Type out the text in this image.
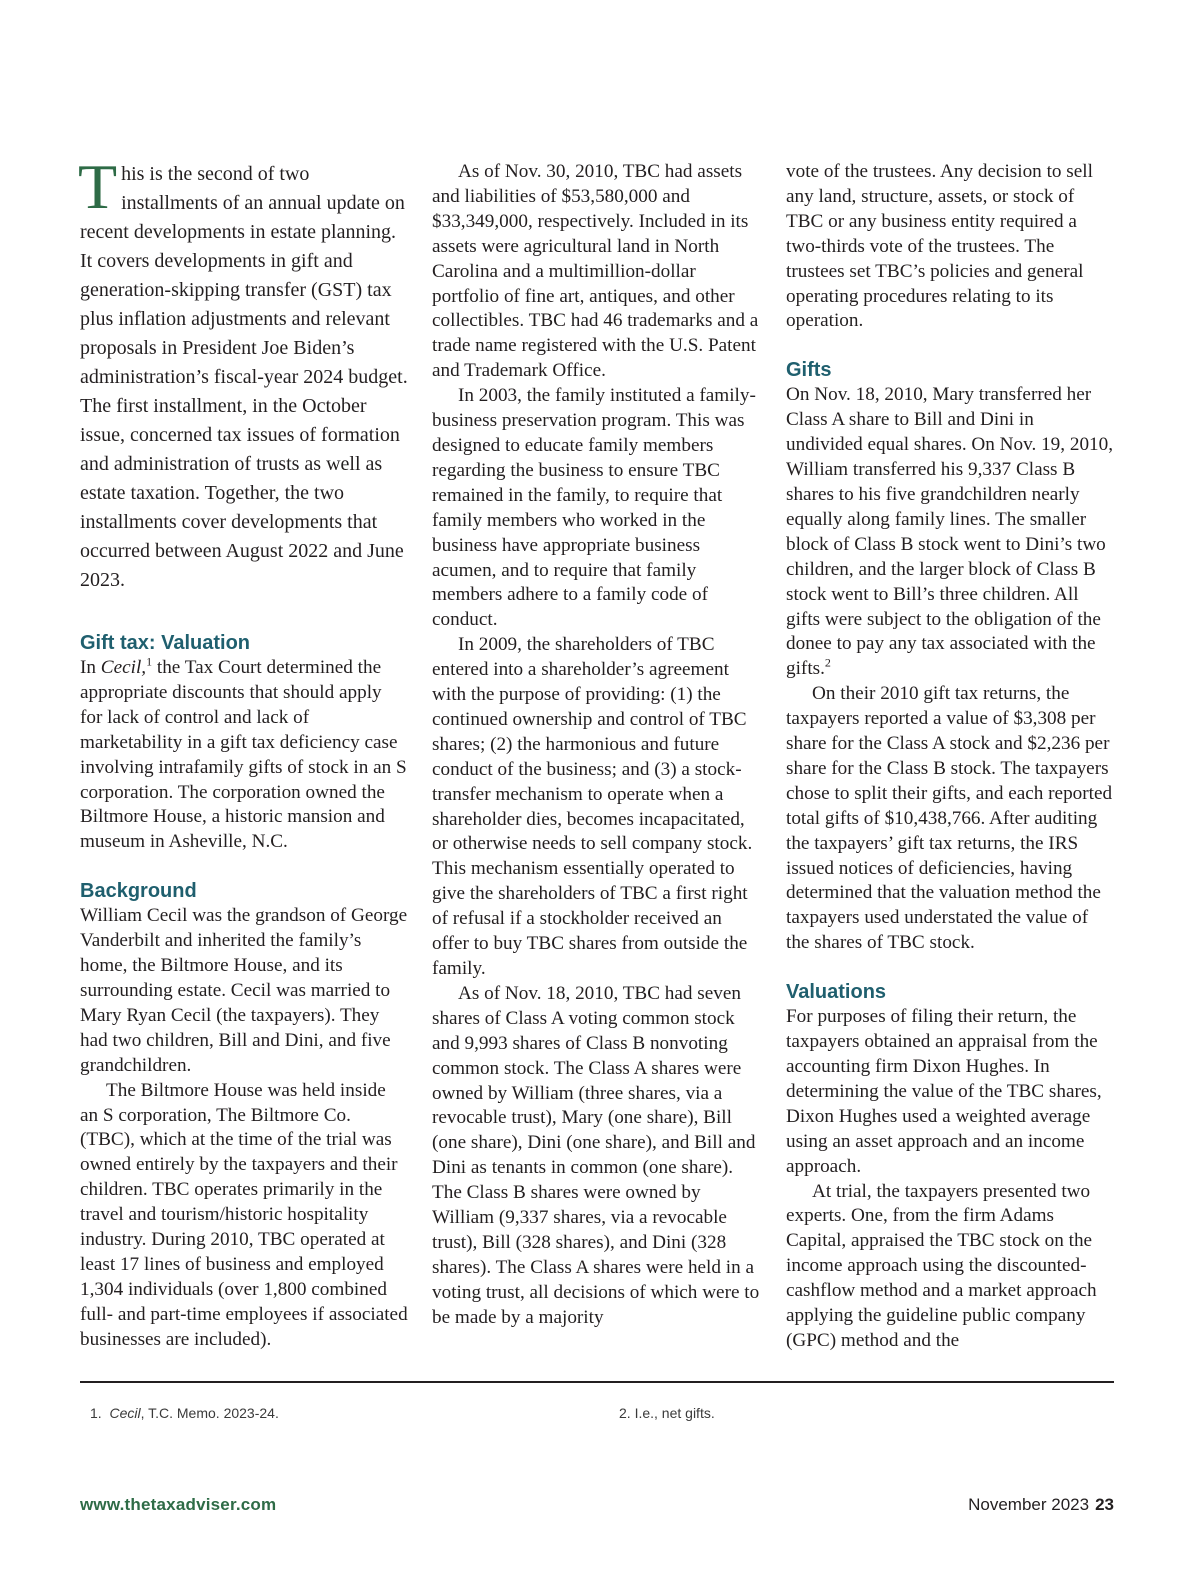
This is the second of two installments of an annual update on recent developments in estate planning. It covers developments in gift and generation-skipping transfer (GST) tax plus inflation adjustments and relevant proposals in President Joe Biden’s administration’s fiscal-year 2024 budget. The first installment, in the October issue, concerned tax issues of formation and administration of trusts as well as estate taxation. Together, the two installments cover developments that occurred between August 2022 and June 2023.

Gift tax: Valuation

In Cecil,$^1$ the Tax Court determined the appropriate discounts that should apply for lack of control and lack of marketability in a gift tax deficiency case involving intrafamily gifts of stock in an S corporation. The corporation owned the Biltmore House, a historic mansion and museum in Asheville, N.C.

Background

William Cecil was the grandson of George Vanderbilt and inherited the family’s home, the Biltmore House, and its surrounding estate. Cecil was married to Mary Ryan Cecil (the taxpayers). They had two children, Bill and Dini, and five grandchildren.

The Biltmore House was held inside an S corporation, The Biltmore Co. (TBC), which at the time of the trial was owned entirely by the taxpayers and their children. TBC operates primarily in the travel and tourism/historic hospitality industry. During 2010, TBC operated at least 17 lines of business and employed 1,304 individuals (over 1,800 combined full- and part-time employees if associated businesses are included).

As of Nov. 30, 2010, TBC had assets and liabilities of $53,580,000 and $33,349,000, respectively. Included in its assets were agricultural land in North Carolina and a multimillion-dollar portfolio of fine art, antiques, and other collectibles. TBC had 46 trademarks and a trade name registered with the U.S. Patent and Trademark Office.

In 2003, the family instituted a family-business preservation program. This was designed to educate family members regarding the business to ensure TBC remained in the family, to require that family members who worked in the business have appropriate business acumen, and to require that family members adhere to a family code of conduct.

In 2009, the shareholders of TBC entered into a shareholder’s agreement with the purpose of providing: (1) the continued ownership and control of TBC shares; (2) the harmonious and future conduct of the business; and (3) a stock-transfer mechanism to operate when a shareholder dies, becomes incapacitated, or otherwise needs to sell company stock. This mechanism essentially operated to give the shareholders of TBC a first right of refusal if a stockholder received an offer to buy TBC shares from outside the family.

As of Nov. 18, 2010, TBC had seven shares of Class A voting common stock and 9,993 shares of Class B nonvoting common stock. The Class A shares were owned by William (three shares, via a revocable trust), Mary (one share), Bill (one share), Dini (one share), and Bill and Dini as tenants in common (one share). The Class B shares were owned by William (9,337 shares, via a revocable trust), Bill (328 shares), and Dini (328 shares). The Class A shares were held in a voting trust, all decisions of which were to be made by a majority

vote of the trustees. Any decision to sell any land, structure, assets, or stock of TBC or any business entity required a two-thirds vote of the trustees. The trustees set TBC’s policies and general operating procedures relating to its operation.

Gifts

On Nov. 18, 2010, Mary transferred her Class A share to Bill and Dini in undivided equal shares. On Nov. 19, 2010, William transferred his 9,337 Class B shares to his five grandchildren nearly equally along family lines. The smaller block of Class B stock went to Dini’s two children, and the larger block of Class B stock went to Bill’s three children. All gifts were subject to the obligation of the donee to pay any tax associated with the gifts.$^2$

On their 2010 gift tax returns, the taxpayers reported a value of $3,308 per share for the Class A stock and $2,236 per share for the Class B stock. The taxpayers chose to split their gifts, and each reported total gifts of $10,438,766. After auditing the taxpayers’ gift tax returns, the IRS issued notices of deficiencies, having determined that the valuation method the taxpayers used understated the value of the shares of TBC stock.

Valuations

For purposes of filing their return, the taxpayers obtained an appraisal from the accounting firm Dixon Hughes. In determining the value of the TBC shares, Dixon Hughes used a weighted average using an asset approach and an income approach.

At trial, the taxpayers presented two experts. One, from the firm Adams Capital, appraised the TBC stock on the income approach using the discounted-cashflow method and a market approach applying the guideline public company (GPC) method and the

1. Cecil, T.C. Memo. 2023-24.	2. I.e., net gifts.
www.thetaxadviser.com	November 2023 23
